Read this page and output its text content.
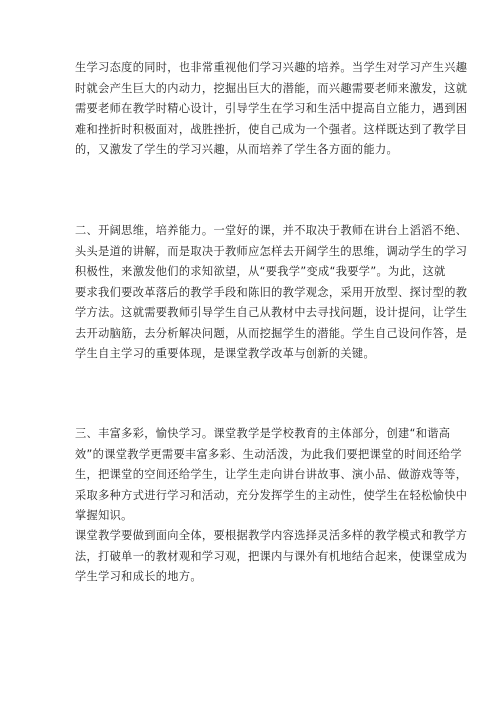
生学习态度的同时，也非常重视他们学习兴趣的培养。当学生对学习产生兴趣
时就会产生巨大的内动力，挖掘出巨大的潜能，而兴趣需要老师来激发，这就
需要老师在教学时精心设计，引导学生在学习和生活中提高自立能力，遇到困
难和挫折时积极面对，战胜挫折，使自己成为一个强者。这样既达到了教学目
的，又激发了学生的学习兴趣，从而培养了学生各方面的能力。

二、开阔思维，培养能力。一堂好的课，并不取决于教师在讲台上滔滔不绝、
头头是道的讲解，而是取决于教师应怎样去开阔学生的思维，调动学生的学习
积极性，来激发他们的求知欲望，从“要我学”变成“我要学”。为此，这就
要求我们要改革落后的教学手段和陈旧的教学观念，采用开放型、探讨型的教
学方法。这就需要教师引导学生自己从教材中去寻找问题，设计提问，让学生
去开动脑筋，去分析解决问题，从而挖掘学生的潜能。学生自己设问作答，是
学生自主学习的重要体现，是课堂教学改革与创新的关键。

三、丰富多彩，愉快学习。课堂教学是学校教育的主体部分，创建“和谐高
效”的课堂教学更需要丰富多彩、生动活泼，为此我们要把课堂的时间还给学
生，把课堂的空间还给学生，让学生走向讲台讲故事、演小品、做游戏等等，
采取多种方式进行学习和活动，充分发挥学生的主动性，使学生在轻松愉快中
掌握知识。

课堂教学要做到面向全体，要根据教学内容选择灵活多样的教学模式和教学方
法，打破单一的教材观和学习观，把课内与课外有机地结合起来，使课堂成为
学生学习和成长的地方。
